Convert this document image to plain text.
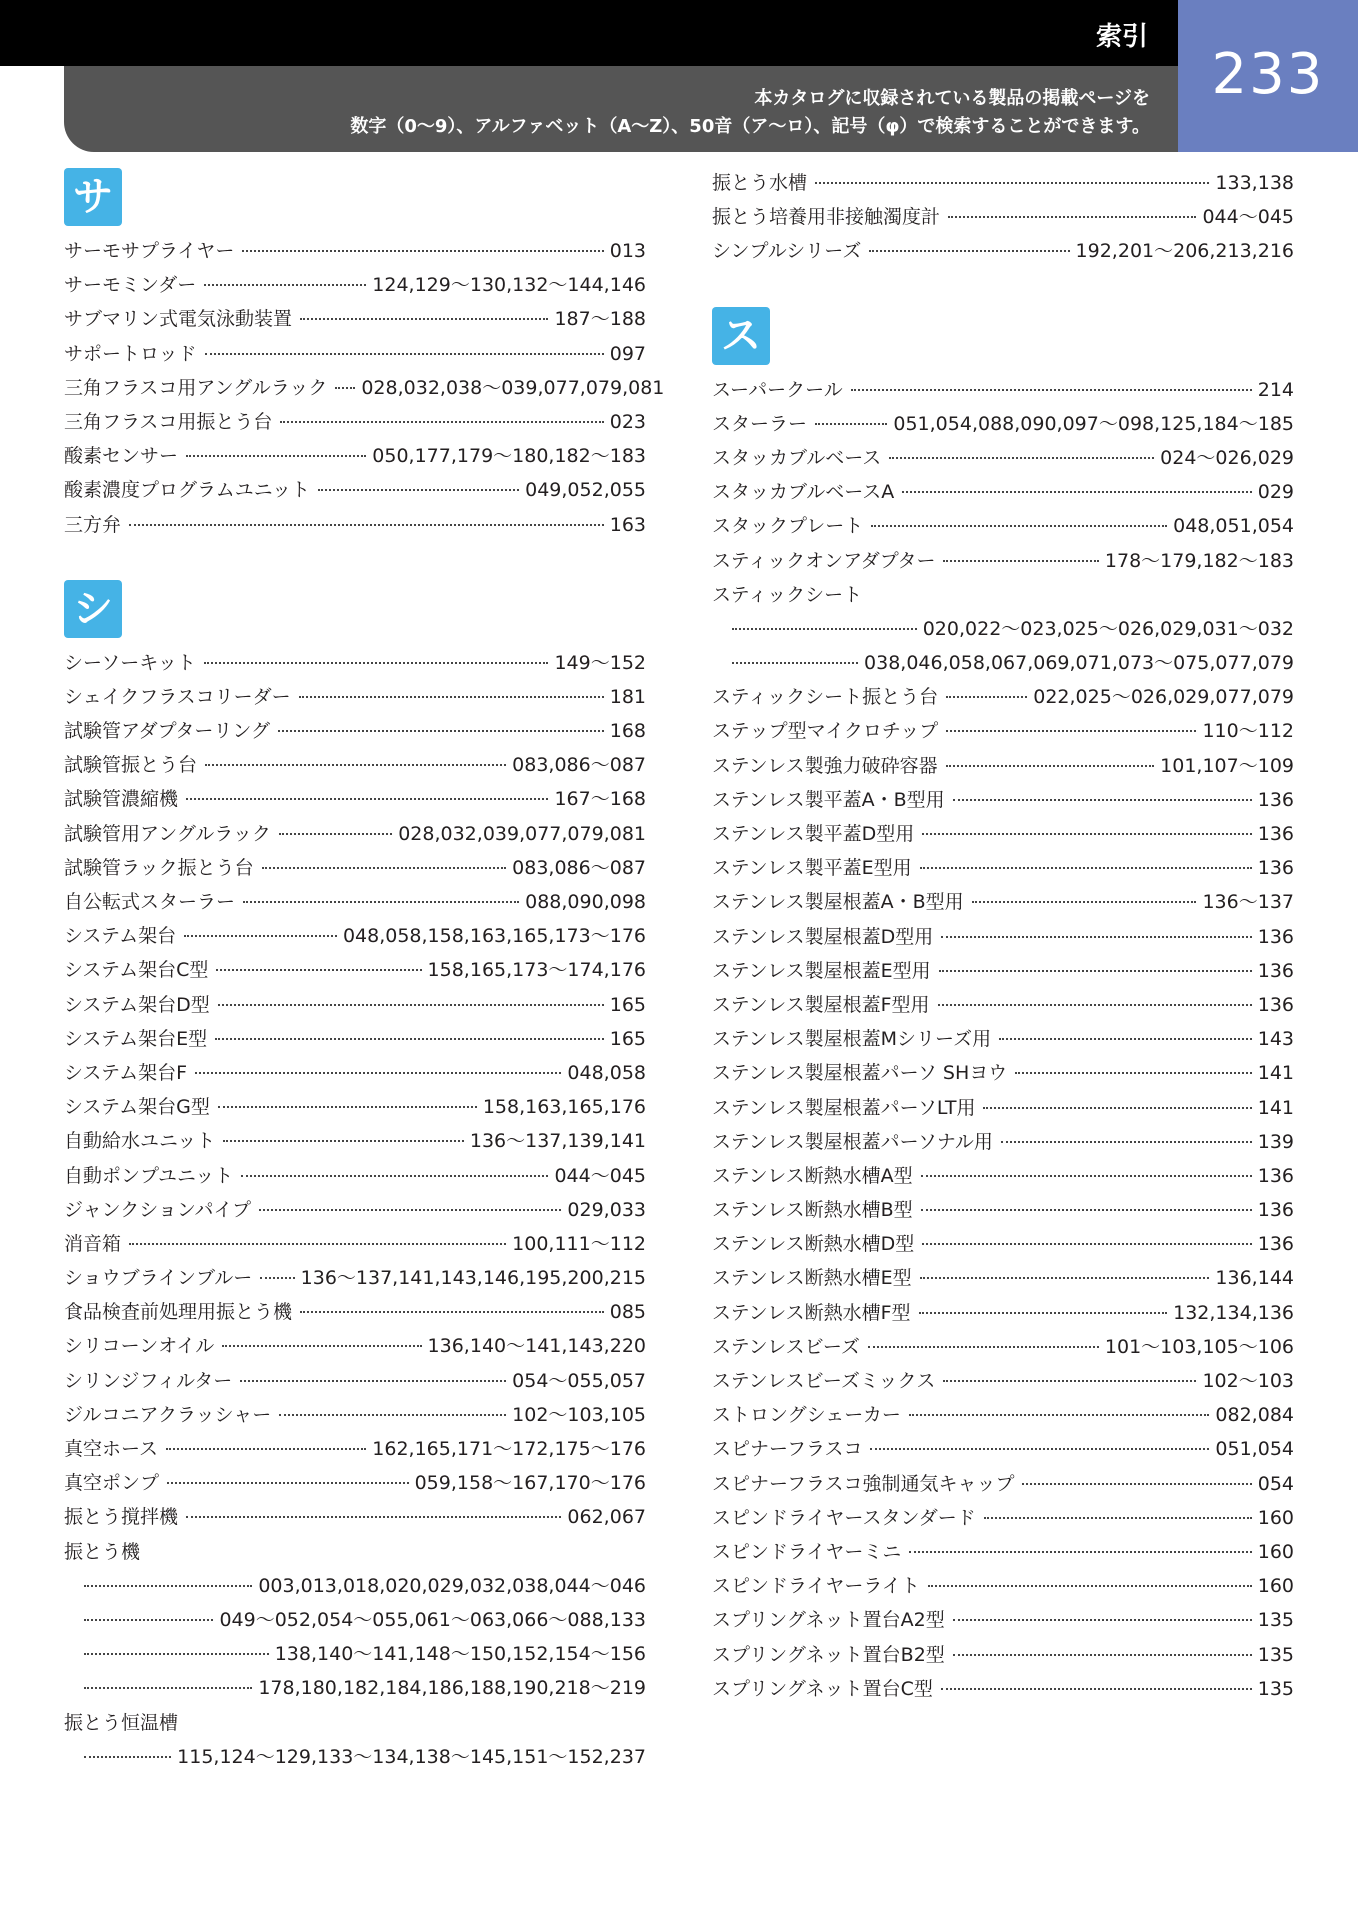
索引
本カタログに収録されている製品の掲載ページを
数字（0～9）、アルファベット（A～Z）、50音（ア～ロ）、記号（φ）で検索することができます。
233
サ
サーモサプライヤー	013
サーモミンダー	124,129～130,132～144,146
サブマリン式電気泳動装置	187～188
サポートロッド	097
三角フラスコ用アングルラック 028,032,038～039,077,079,081
三角フラスコ用振とう台	023
酸素センサー	050,177,179～180,182～183
酸素濃度プログラムユニット	049,052,055
三方弁	163
シ
シーソーキット	149～152
シェイクフラスコリーダー	181
試験管アダプターリング	168
試験管振とう台	083,086～087
試験管濃縮機	167～168
試験管用アングルラック	028,032,039,077,079,081
試験管ラック振とう台	083,086～087
自公転式スターラー	088,090,098
システム架台	048,058,158,163,165,173～176
システム架台C型	158,165,173～174,176
システム架台D型	165
システム架台E型	165
システム架台F	048,058
システム架台G型	158,163,165,176
自動給水ユニット	136～137,139,141
自動ポンプユニット	044～045
ジャンクションパイプ	029,033
消音箱	100,111～112
ショウブラインブルー	136～137,141,143,146,195,200,215
食品検査前処理用振とう機	085
シリコーンオイル	136,140～141,143,220
シリンジフィルター	054～055,057
ジルコニアクラッシャー	102～103,105
真空ホース	162,165,171～172,175～176
真空ポンプ	059,158～167,170～176
振とう撹拌機	062,067
振とう機
003,013,018,020,029,032,038,044～046
049～052,054～055,061～063,066～088,133
138,140～141,148～150,152,154～156
178,180,182,184,186,188,190,218～219
振とう恒温槽
115,124～129,133～134,138～145,151～152,237
振とう水槽	133,138
振とう培養用非接触濁度計	044～045
シンプルシリーズ	192,201～206,213,216
ス
スーパークール	214
スターラー	051,054,088,090,097～098,125,184～185
スタッカブルベース	024～026,029
スタッカブルベースA	029
スタックプレート	048,051,054
スティックオンアダプター	178～179,182～183
スティックシート
020,022～023,025～026,029,031～032
038,046,058,067,069,071,073～075,077,079
スティックシート振とう台	022,025～026,029,077,079
ステップ型マイクロチップ	110～112
ステンレス製強力破砕容器	101,107～109
ステンレス製平蓋A・B型用	136
ステンレス製平蓋D型用	136
ステンレス製平蓋E型用	136
ステンレス製屋根蓋A・B型用	136～137
ステンレス製屋根蓋D型用	136
ステンレス製屋根蓋E型用	136
ステンレス製屋根蓋F型用	136
ステンレス製屋根蓋Mシリーズ用	143
ステンレス製屋根蓋パーソ SHヨウ	141
ステンレス製屋根蓋パーソLT用	141
ステンレス製屋根蓋パーソナル用	139
ステンレス断熱水槽A型	136
ステンレス断熱水槽B型	136
ステンレス断熱水槽D型	136
ステンレス断熱水槽E型	136,144
ステンレス断熱水槽F型	132,134,136
ステンレスビーズ	101～103,105～106
ステンレスビーズミックス	102～103
ストロングシェーカー	082,084
スピナーフラスコ	051,054
スピナーフラスコ強制通気キャップ	054
スピンドライヤースタンダード	160
スピンドライヤーミニ	160
スピンドライヤーライト	160
スプリングネット置台A2型	135
スプリングネット置台B2型	135
スプリングネット置台C型	135
